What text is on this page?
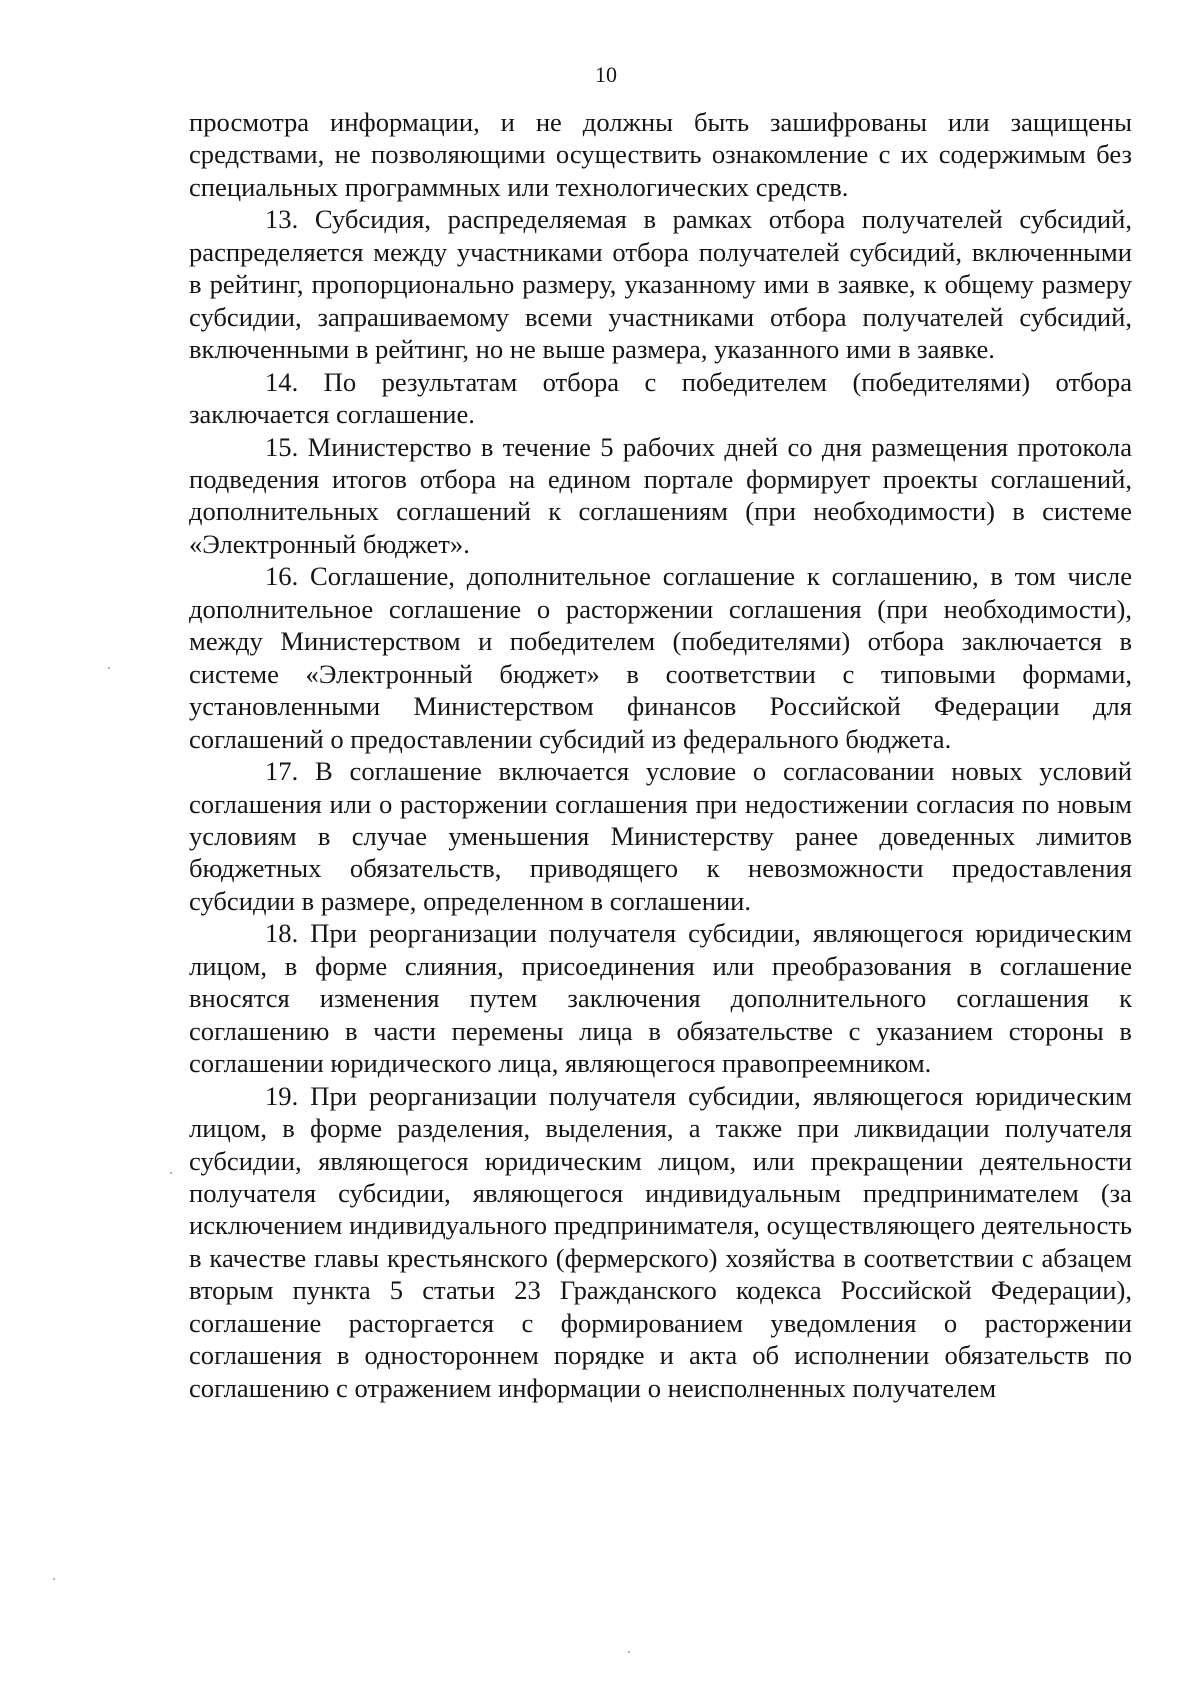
10

просмотра информации, и не должны быть зашифрованы или защищены средствами, не позволяющими осуществить ознакомление с их содержимым без специальных программных или технологических средств.

13. Субсидия, распределяемая в рамках отбора получателей субсидий, распределяется между участниками отбора получателей субсидий, включенными в рейтинг, пропорционально размеру, указанному ими в заявке, к общему размеру субсидии, запрашиваемому всеми участниками отбора получателей субсидий, включенными в рейтинг, но не выше размера, указанного ими в заявке.

14. По результатам отбора с победителем (победителями) отбора заключается соглашение.

15. Министерство в течение 5 рабочих дней со дня размещения протокола подведения итогов отбора на едином портале формирует проекты соглашений, дополнительных соглашений к соглашениям (при необходимости) в системе «Электронный бюджет».

16. Соглашение, дополнительное соглашение к соглашению, в том числе дополнительное соглашение о расторжении соглашения (при необходимости), между Министерством и победителем (победителями) отбора заключается в системе «Электронный бюджет» в соответствии с типовыми формами, установленными Министерством финансов Российской Федерации для соглашений о предоставлении субсидий из федерального бюджета.

17. В соглашение включается условие о согласовании новых условий соглашения или о расторжении соглашения при недостижении согласия по новым условиям в случае уменьшения Министерству ранее доведенных лимитов бюджетных обязательств, приводящего к невозможности предоставления субсидии в размере, определенном в соглашении.

18. При реорганизации получателя субсидии, являющегося юридическим лицом, в форме слияния, присоединения или преобразования в соглашение вносятся изменения путем заключения дополнительного соглашения к соглашению в части перемены лица в обязательстве с указанием стороны в соглашении юридического лица, являющегося правопреемником.

19. При реорганизации получателя субсидии, являющегося юридическим лицом, в форме разделения, выделения, а также при ликвидации получателя субсидии, являющегося юридическим лицом, или прекращении деятельности получателя субсидии, являющегося индивидуальным предпринимателем (за исключением индивидуального предпринимателя, осуществляющего деятельность в качестве главы крестьянского (фермерского) хозяйства в соответствии с абзацем вторым пункта 5 статьи 23 Гражданского кодекса Российской Федерации), соглашение расторгается с формированием уведомления о расторжении соглашения в одностороннем порядке и акта об исполнении обязательств по соглашению с отражением информации о неисполненных получателем
